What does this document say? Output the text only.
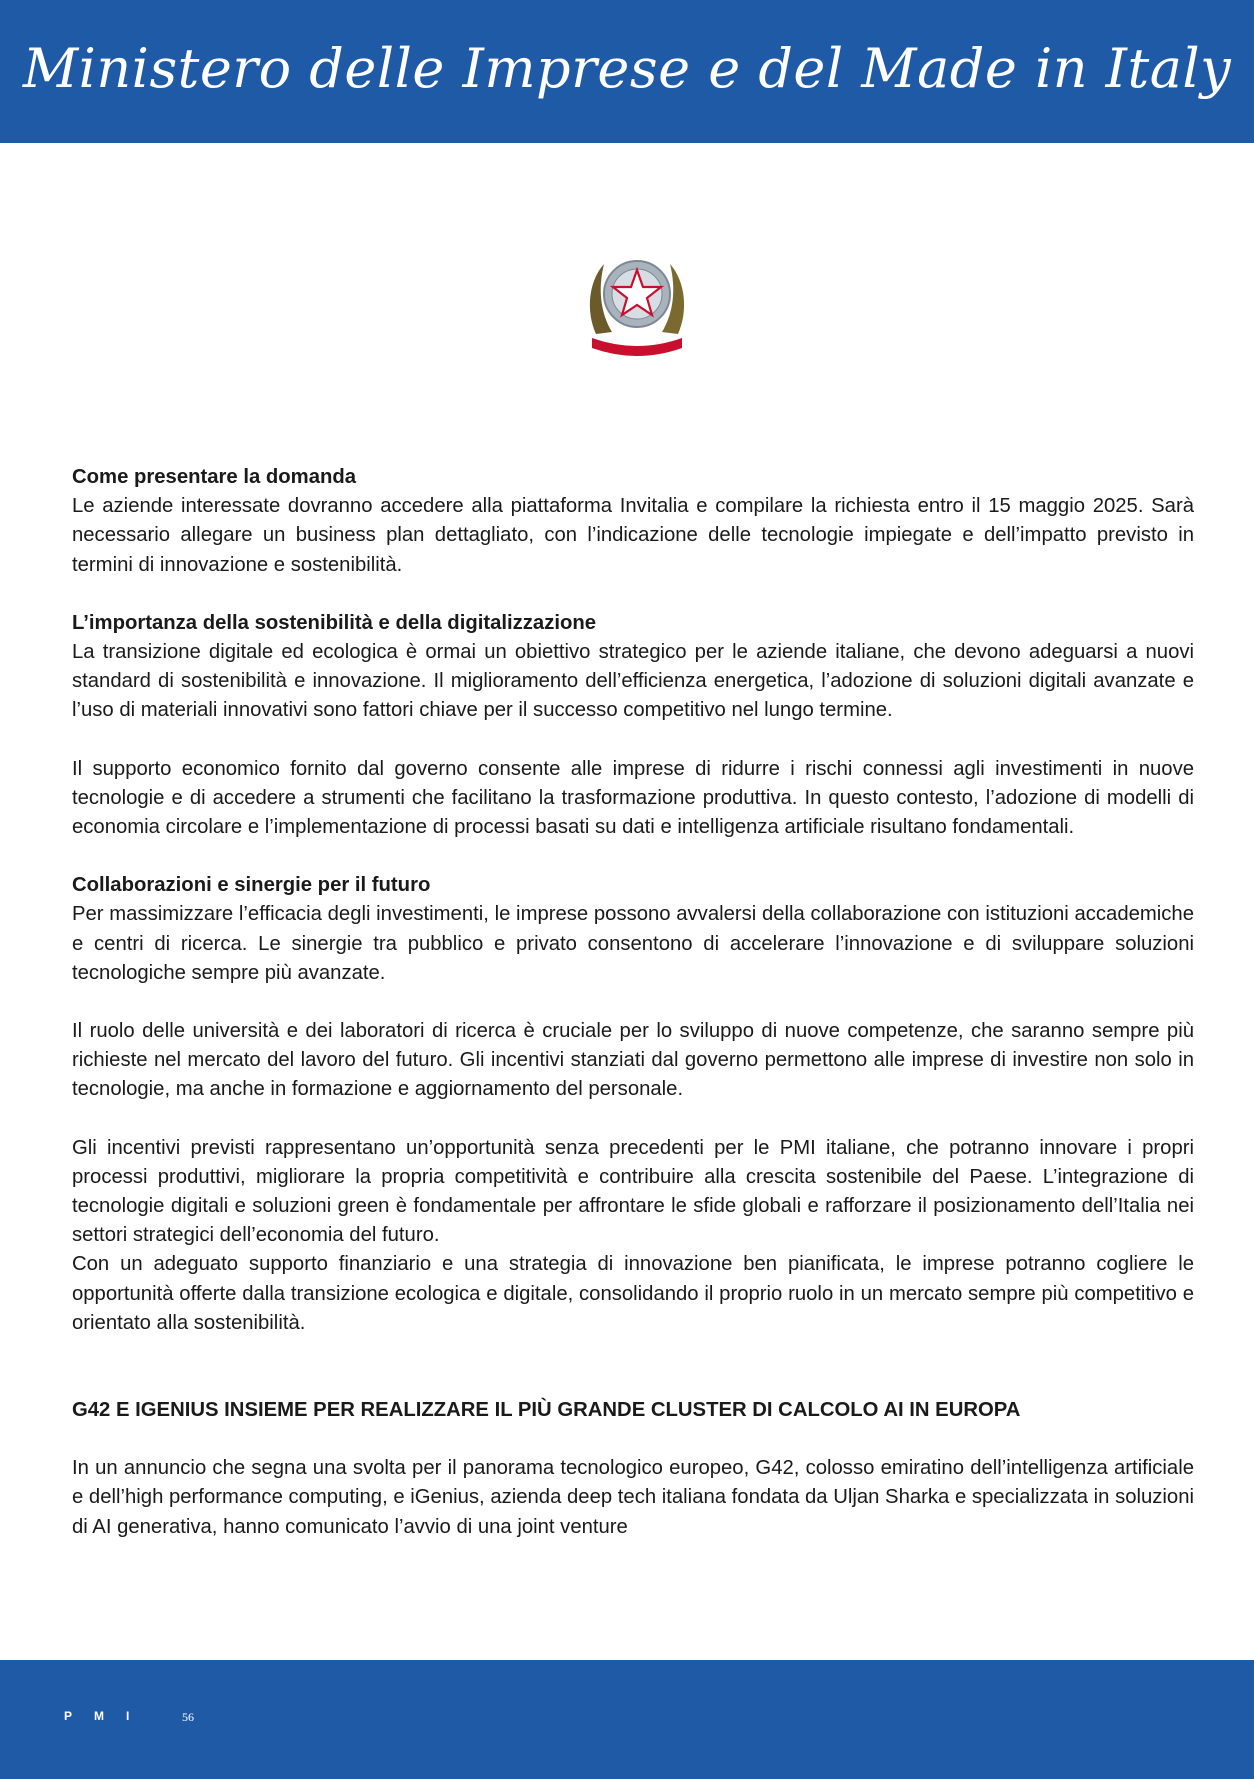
Ministero delle Imprese e del Made in Italy
Come presentare la domanda

Le aziende interessate dovranno accedere alla piattaforma Invitalia e compilare la richiesta entro il 15 maggio 2025. Sarà necessario allegare un business plan dettagliato, con l’indicazione delle tecnologie impiegate e dell’impatto previsto in termini di innovazione e sostenibilità.

L’importanza della sostenibilità e della digitalizzazione

La transizione digitale ed ecologica è ormai un obiettivo strategico per le aziende italiane, che devono adeguarsi a nuovi standard di sostenibilità e innovazione. Il miglioramento dell’efficienza energetica, l’adozione di soluzioni digitali avanzate e l’uso di materiali innovativi sono fattori chiave per il successo competitivo nel lungo termine.

Il supporto economico fornito dal governo consente alle imprese di ridurre i rischi connessi agli investimenti in nuove tecnologie e di accedere a strumenti che facilitano la trasformazione produttiva. In questo contesto, l’adozione di modelli di economia circolare e l’implementazione di processi basati su dati e intelligenza artificiale risultano fondamentali.

Collaborazioni e sinergie per il futuro

Per massimizzare l’efficacia degli investimenti, le imprese possono avvalersi della collaborazione con istituzioni accademiche e centri di ricerca. Le sinergie tra pubblico e privato consentono di accelerare l’innovazione e di sviluppare soluzioni tecnologiche sempre più avanzate.

Il ruolo delle università e dei laboratori di ricerca è cruciale per lo sviluppo di nuove competenze, che saranno sempre più richieste nel mercato del lavoro del futuro. Gli incentivi stanziati dal governo permettono alle imprese di investire non solo in tecnologie, ma anche in formazione e aggiornamento del personale.

Gli incentivi previsti rappresentano un’opportunità senza precedenti per le PMI italiane, che potranno innovare i propri processi produttivi, migliorare la propria competitività e contribuire alla crescita sostenibile del Paese. L’integrazione di tecnologie digitali e soluzioni green è fondamentale per affrontare le sfide globali e rafforzare il posizionamento dell’Italia nei settori strategici dell’economia del futuro.

Con un adeguato supporto finanziario e una strategia di innovazione ben pianificata, le imprese potranno cogliere le opportunità offerte dalla transizione ecologica e digitale, consolidando il proprio ruolo in un mercato sempre più competitivo e orientato alla sostenibilità.

G42 E IGENIUS INSIEME PER REALIZZARE IL PIÙ GRANDE CLUSTER DI CALCOLO AI IN EUROPA

In un annuncio che segna una svolta per il panorama tecnologico europeo, G42, colosso emiratino dell’intelligenza artificiale e dell’high performance computing, e iGenius, azienda deep tech italiana fondata da Uljan Sharka e specializzata in soluzioni di AI generativa, hanno comunicato l’avvio di una joint venture

PMI	56
